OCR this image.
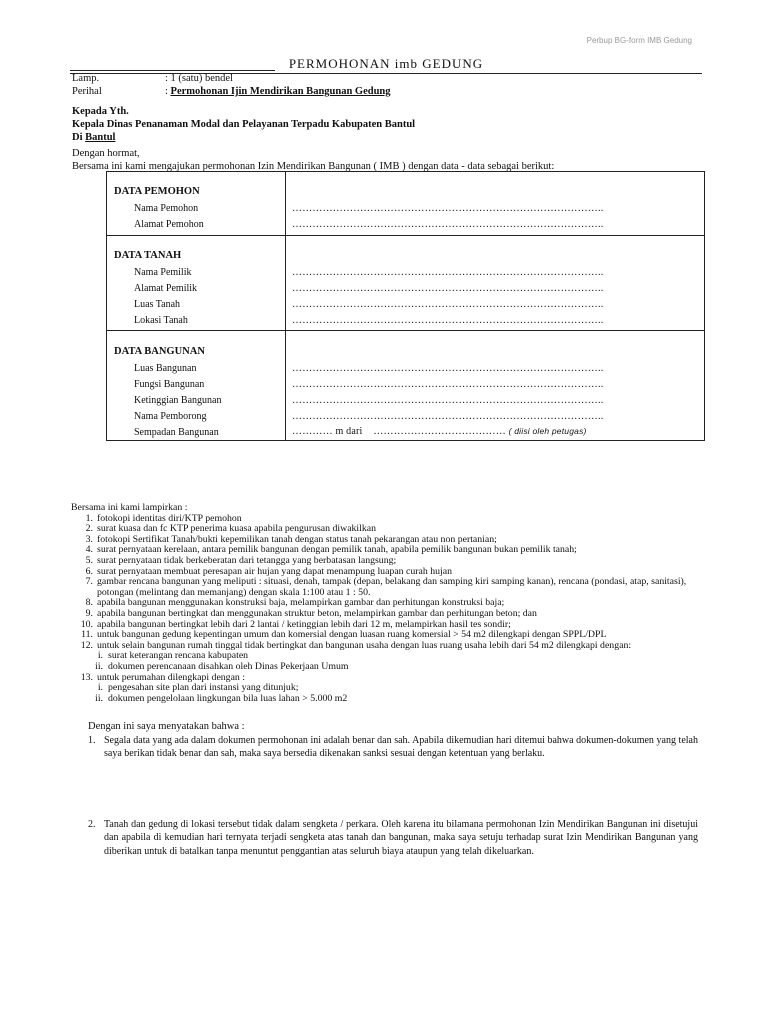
Perbup BG-form IMB Gedung
PERMOHONAN imb GEDUNG
Lamp.	: 1 (satu) bendel
Perihal	: Permohonan Ijin Mendirikan Bangunan Gedung
Kepada Yth.
Kepala Dinas Penanaman Modal dan Pelayanan Terpadu Kabupaten Bantul
Di Bantul
Dengan hormat,
Bersama ini kami mengajukan permohonan Izin Mendirikan Bangunan ( IMB ) dengan data - data sebagai berikut:
DATA PEMOHON
Nama Pemohon	………………………………………………………………………………..
Alamat Pemohon	………………………………………………………………………………..
DATA TANAH
Nama Pemilik	………………………………………………………………………………..
Alamat Pemilik	………………………………………………………………………………..
Luas Tanah	………………………………………………………………………………..
Lokasi Tanah	………………………………………………………………………………..
DATA BANGUNAN
Luas Bangunan	………………………………………………………………………………..
Fungsi Bangunan	………………………………………………………………………………..
Ketinggian Bangunan	………………………………………………………………………………..
Nama Pemborong	………………………………………………………………………………..
Sempadan Bangunan	………… m dari ………………………………… ( diisi oleh petugas)
Bersama ini kami lampirkan :
1. fotokopi identitas diri/KTP pemohon
2. surat kuasa dan fc KTP penerima kuasa apabila pengurusan diwakilkan
3. fotokopi Sertifikat Tanah/bukti kepemilikan tanah dengan status tanah pekarangan atau non pertanian;
4. surat pernyataan kerelaan, antara pemilik bangunan dengan pemilik tanah, apabila pemilik bangunan bukan pemilik tanah;
5. surat pernyataan tidak berkeberatan dari tetangga yang berbatasan langsung;
6. surat pernyataan membuat peresapan air hujan yang dapat menampung luapan curah hujan
7. gambar rencana bangunan yang meliputi : situasi, denah, tampak (depan, belakang dan samping kiri samping kanan), rencana (pondasi, atap, sanitasi), potongan (melintang dan memanjang) dengan skala 1:100 atau 1 : 50.
8. apabila bangunan menggunakan konstruksi baja, melampirkan gambar dan perhitungan konstruksi baja;
9. apabila bangunan bertingkat dan menggunakan struktur beton, melampirkan gambar dan perhitungan beton; dan
10. apabila bangunan bertingkat lebih dari 2 lantai / ketinggian lebih dari 12 m, melampirkan hasil tes sondir;
11. untuk bangunan gedung kepentingan umum dan komersial dengan luasan ruang komersial > 54 m2 dilengkapi dengan SPPL/DPL
12. untuk selain bangunan rumah tinggal tidak bertingkat dan bangunan usaha dengan luas ruang usaha lebih dari 54 m2 dilengkapi dengan:
i. surat keterangan rencana kabupaten
ii. dokumen perencanaan disahkan oleh Dinas Pekerjaan Umum
13. untuk perumahan dilengkapi dengan :
i. pengesahan site plan dari instansi yang ditunjuk;
ii. dokumen pengelolaan lingkungan bila luas lahan > 5.000 m2
Dengan ini saya menyatakan bahwa :
1. Segala data yang ada dalam dokumen permohonan ini adalah benar dan sah. Apabila dikemudian hari ditemui bahwa dokumen-dokumen yang telah saya berikan tidak benar dan sah, maka saya bersedia dikenakan sanksi sesuai dengan ketentuan yang berlaku.
2. Tanah dan gedung di lokasi tersebut tidak dalam sengketa / perkara. Oleh karena itu bilamana permohonan Izin Mendirikan Bangunan ini disetujui dan apabila di kemudian hari ternyata terjadi sengketa atas tanah dan bangunan, maka saya setuju terhadap surat Izin Mendirikan Bangunan yang diberikan untuk di batalkan tanpa menuntut penggantian atas seluruh biaya ataupun yang telah dikeluarkan.
